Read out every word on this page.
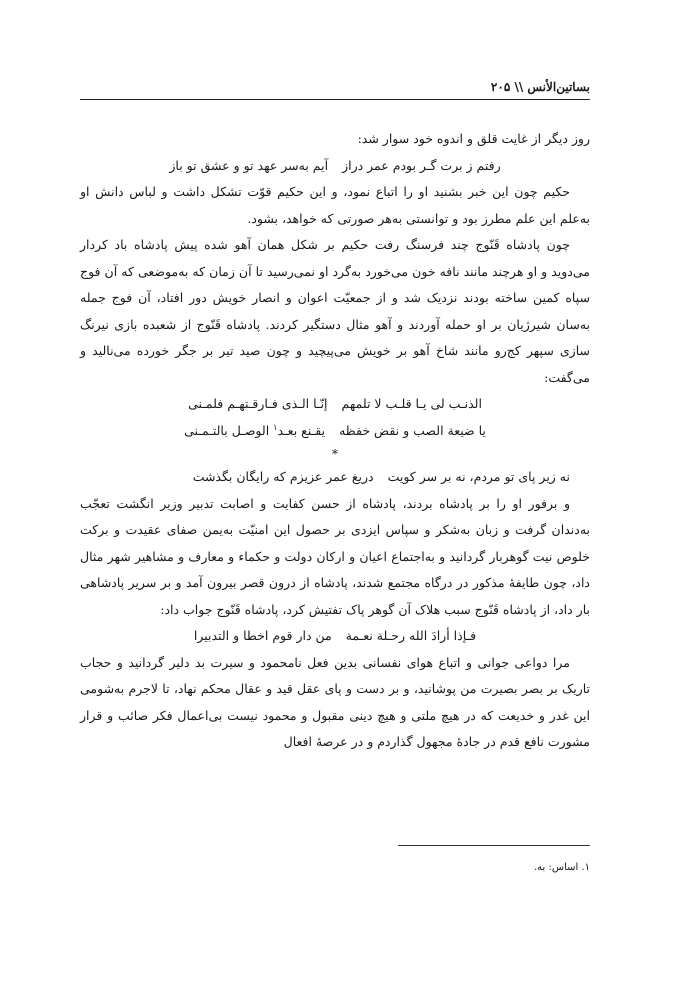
بساتين‌الأنس \\ ۲۰۵

روز دیگر از غایت قلق و اندوه خود سوار شد:

رفتم ز برت گـر بودم عمر دراز
آیم به‌سر عهد تو و عشق تو باز

حکیم چون این خبر بشنید او را اتباع نمود، و این حکیم قوّت تشکل داشت و لباس دانش او به‌علم این علم مطرز بود و توانستی به‌هر صورتی که خواهد، بشود.

چون پادشاه قَنّوج چند فرسنگ رفت حکیم بر شکل همان آهو شده پیش پادشاه باد کردار می‌دوید و او هرچند مانند نافه خون می‌خورد به‌گرد او نمی‌رسید تا آن زمان که به‌موضعی که آن فوج سپاه کمین ساخته بودند نزدیک شد و از جمعیّت اعوان و انصار خویش دور افتاد، آن فوج جمله به‌سان شیرژیان بر او حمله آوردند و آهو مثال دستگیر کردند. پادشاه قَنّوج از شعبده بازی نیرنگ سازی سپهر کج‌رو مانند شاخ آهو بر خویش می‌پیچید و چون صید تیر بر جگر خورده می‌نالید و می‌گفت:

الذنـب لی یـا قلـب لا تلمهم
إنّـا الـذی فـارقـتهـم فلمـنی

یا ضیعة الصب و نقض خفظه
یقـنع بعـد$^۱$ الوصـل بالتـمـنی

*

نه زیر پای تو مردم، نه بر سر کویت
دریغ عمر عزیزم که رایگان بگذشت

و برفور او را بر پادشاه بردند، پادشاه از حسن کفایت و اصابت تدبیر وزیر انگشت تعجّب به‌دندان گرفت و زبان به‌شکر و سپاس ایزدی بر حصول این امنیّت به‌یمن صفای عقیدت و برکت خلوص نیت گوهربار گردانید و به‌اجتماع اعیان و ارکان دولت و حکماء و معارف و مشاهیر شهر مثال داد، چون طایفهٔ مذکور در درگاه مجتمع شدند، پادشاه از درون قصر بیرون آمد و بر سریر پادشاهی بار داد، از پادشاه قَنّوج سبب هلاک آن گوهر پاک تفتیش کرد، پادشاه قَنّوج جواب داد:

فـإذا أرادَ الله رحـلة نعـمة
من دار قوم اخطا و التدبیرا

مرا دواعی جوانی و اتباع هوای نفسانی بدین فعل نامحمود و سیرت بد دلیر گردانید و حجاب تاریک بر بصر بصیرت من پوشانید، و بر دست و پای عقل قید و عقال محکم نهاد، تا لاجرم به‌شومی این غدر و خدیعت که در هیچ ملتی و هیچ دینی مقبول و محمود نیست بی‌اعمال فکر صائب و قرار مشورت نافع قدم در جادهٔ مجهول گذاردم و در عرصهٔ افعال

۱. اساس: به.
